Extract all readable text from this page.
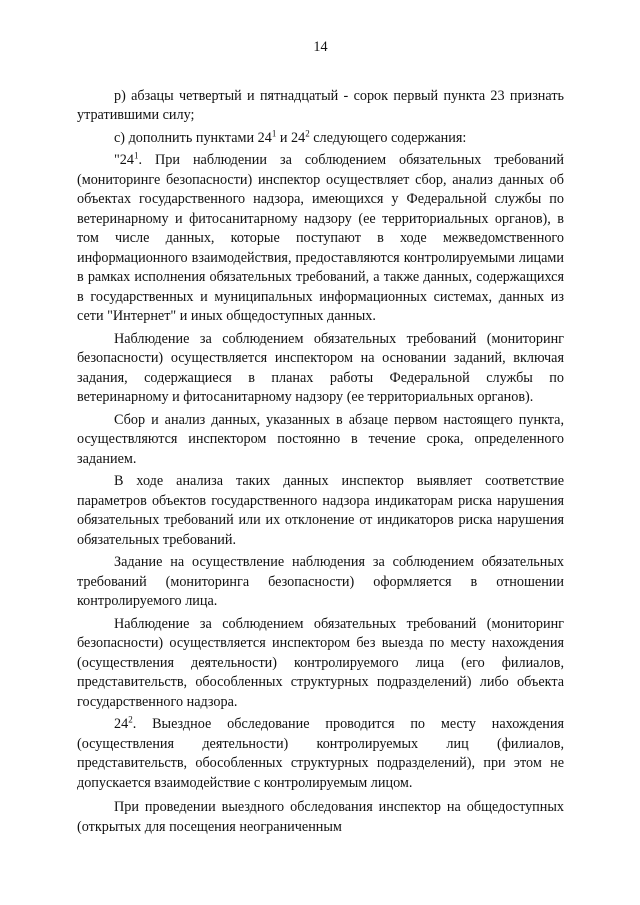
14

р) абзацы четвертый и пятнадцатый - сорок первый пункта 23 признать утратившими силу;

с) дополнить пунктами $24^1$ и $24^2$ следующего содержания:

"$24^1$. При наблюдении за соблюдением обязательных требований (мониторинге безопасности) инспектор осуществляет сбор, анализ данных об объектах государственного надзора, имеющихся у Федеральной службы по ветеринарному и фитосанитарному надзору (ее территориальных органов), в том числе данных, которые поступают в ходе межведомственного информационного взаимодействия, предоставляются контролируемыми лицами в рамках исполнения обязательных требований, а также данных, содержащихся в государственных и муниципальных информационных системах, данных из сети "Интернет" и иных общедоступных данных.

Наблюдение за соблюдением обязательных требований (мониторинг безопасности) осуществляется инспектором на основании заданий, включая задания, содержащиеся в планах работы Федеральной службы по ветеринарному и фитосанитарному надзору (ее территориальных органов).

Сбор и анализ данных, указанных в абзаце первом настоящего пункта, осуществляются инспектором постоянно в течение срока, определенного заданием.

В ходе анализа таких данных инспектор выявляет соответствие параметров объектов государственного надзора индикаторам риска нарушения обязательных требований или их отклонение от индикаторов риска нарушения обязательных требований.

Задание на осуществление наблюдения за соблюдением обязательных требований (мониторинга безопасности) оформляется в отношении контролируемого лица.

Наблюдение за соблюдением обязательных требований (мониторинг безопасности) осуществляется инспектором без выезда по месту нахождения (осуществления деятельности) контролируемого лица (его филиалов, представительств, обособленных структурных подразделений) либо объекта государственного надзора.

$24^2$. Выездное обследование проводится по месту нахождения (осуществления деятельности) контролируемых лиц (филиалов, представительств, обособленных структурных подразделений), при этом не допускается взаимодействие с контролируемым лицом.

При проведении выездного обследования инспектор на общедоступных (открытых для посещения неограниченным
